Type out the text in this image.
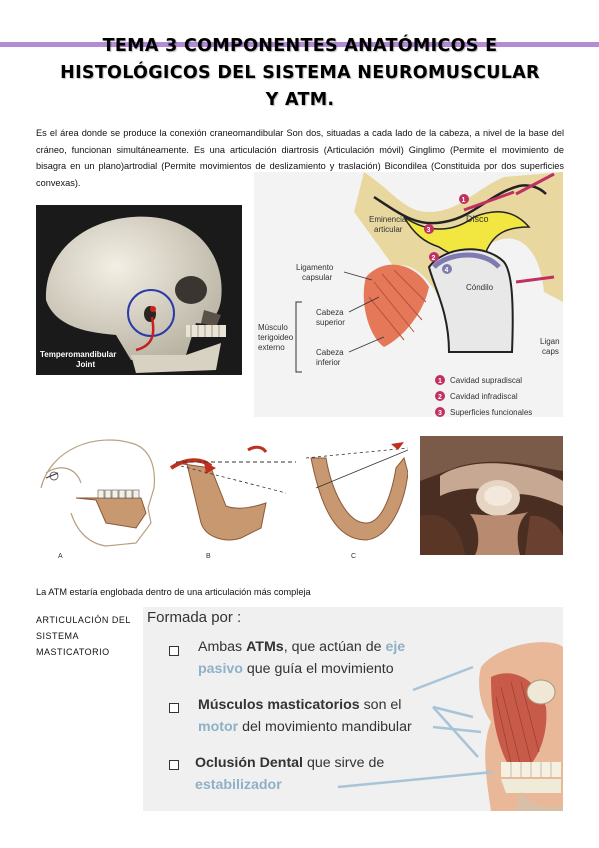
TEMA 3 COMPONENTES ANATÓMICOS E
HISTOLÓGICOS DEL SISTEMA NEUROMUSCULAR
Y ATM.
Es el área donde se produce la conexión craneomandibular Son dos, situadas a cada lado de la cabeza, a nivel de la base del cráneo, funcionan simultáneamente. Es una articulación diartrosis (Articulación móvil) Ginglimo (Permite el movimiento de bisagra en un plano)artrodial (Permite movimientos de deslizamiento y traslación) Bicondilea (Constituida por dos superficies convexas).
Temperomandibular
Joint
Eminencia
articular
Disco
Ligamento
capsular
Músculo
terigoideo
externo
Cabeza
superior
Cabeza
inferior
Cóndilo
Ligan
caps
1
3
2
4
1 Cavidad supradiscal
2 Cavidad infradiscal
3 Superficies funcionales
A	B	C
La ATM estaría englobada dentro de una articulación más compleja
ARTICULACIÓN DEL
SISTEMA
MASTICATORIO
Formada por :
Ambas ATMs, que actúan de eje
pasivo que guía el movimiento
Músculos masticatorios son el
motor del movimiento mandibular
Oclusión Dental que sirve de
estabilizador
